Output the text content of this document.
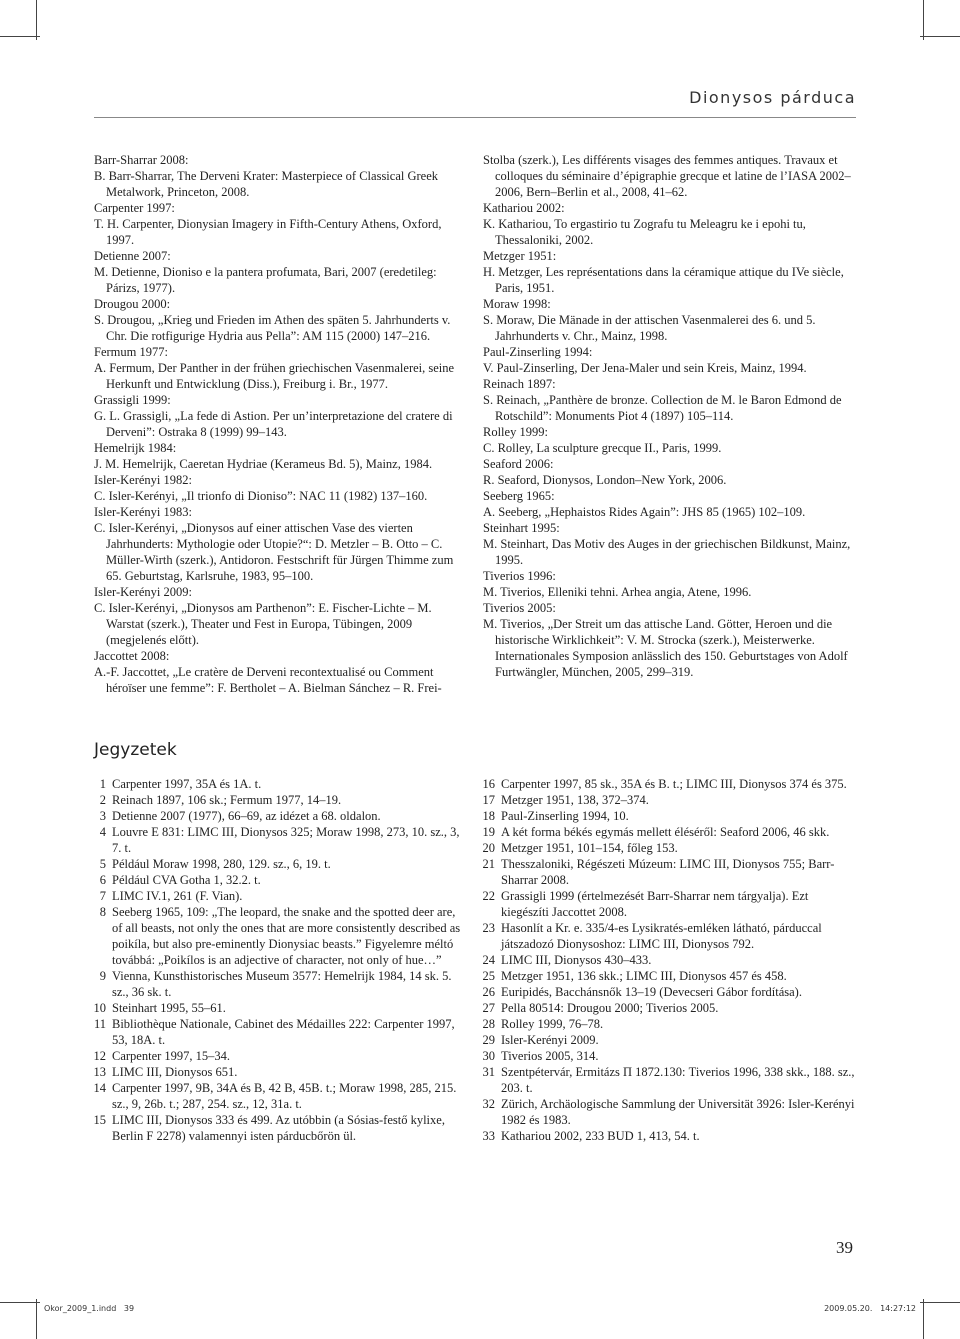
Dionysos párduca

Barr-Sharrar 2008:

B. Barr-Sharrar, The Derveni Krater: Masterpiece of Classical Greek Metalwork, Princeton, 2008.

Carpenter 1997:

T. H. Carpenter, Dionysian Imagery in Fifth-Century Athens, Oxford, 1997.

Detienne 2007:

M. Detienne, Dioniso e la pantera profumata, Bari, 2007 (eredetileg: Párizs, 1977).

Drougou 2000:

S. Drougou, „Krieg und Frieden im Athen des späten 5. Jahrhunderts v. Chr. Die rotfigurige Hydria aus Pella”: AM 115 (2000) 147–216.

Fermum 1977:

A. Fermum, Der Panther in der frühen griechischen Vasenmalerei, seine Herkunft und Entwicklung (Diss.), Freiburg i. Br., 1977.

Grassigli 1999:

G. L. Grassigli, „La fede di Astion. Per un’interpretazione del cratere di Derveni”: Ostraka 8 (1999) 99–143.

Hemelrijk 1984:

J. M. Hemelrijk, Caeretan Hydriae (Kerameus Bd. 5), Mainz, 1984.

Isler-Kerényi 1982:

C. Isler-Kerényi, „Il trionfo di Dioniso”: NAC 11 (1982) 137–160.

Isler-Kerényi 1983:

C. Isler-Kerényi, „Dionysos auf einer attischen Vase des vierten Jahrhunderts: Mythologie oder Utopie?“: D. Metzler – B. Otto – C. Müller-Wirth (szerk.), Antidoron. Festschrift für Jürgen Thimme zum 65. Geburtstag, Karlsruhe, 1983, 95–100.

Isler-Kerényi 2009:

C. Isler-Kerényi, „Dionysos am Parthenon”: E. Fischer-Lichte – M. Warstat (szerk.), Theater und Fest in Europa, Tübingen, 2009 (megjelenés előtt).

Jaccottet 2008:

A.-F. Jaccottet, „Le cratère de Derveni recontextualisé ou Comment héroïser une femme”: F. Bertholet – A. Bielman Sánchez – R. Frei-

Stolba (szerk.), Les différents visages des femmes antiques. Travaux et colloques du séminaire d’épigraphie grecque et latine de l’IASA 2002–2006, Bern–Berlin et al., 2008, 41–62.

Kathariou 2002:

K. Kathariou, To ergastirio tu Zografu tu Meleagru ke i epohi tu, Thessaloniki, 2002.

Metzger 1951:

H. Metzger, Les représentations dans la céramique attique du IVe siècle, Paris, 1951.

Moraw 1998:

S. Moraw, Die Mänade in der attischen Vasenmalerei des 6. und 5. Jahrhunderts v. Chr., Mainz, 1998.

Paul-Zinserling 1994:

V. Paul-Zinserling, Der Jena-Maler und sein Kreis, Mainz, 1994.

Reinach 1897:

S. Reinach, „Panthère de bronze. Collection de M. le Baron Edmond de Rotschild”: Monuments Piot 4 (1897) 105–114.

Rolley 1999:

C. Rolley, La sculpture grecque II., Paris, 1999.

Seaford 2006:

R. Seaford, Dionysos, London–New York, 2006.

Seeberg 1965:

A. Seeberg, „Hephaistos Rides Again”: JHS 85 (1965) 102–109.

Steinhart 1995:

M. Steinhart, Das Motiv des Auges in der griechischen Bildkunst, Mainz, 1995.

Tiverios 1996:

M. Tiverios, Elleniki tehni. Arhea angia, Atene, 1996.

Tiverios 2005:

M. Tiverios, „Der Streit um das attische Land. Götter, Heroen und die historische Wirklichkeit”: V. M. Strocka (szerk.), Meisterwerke. Internationales Symposion anlässlich des 150. Geburtstages von Adolf Furtwängler, München, 2005, 299–319.

Jegyzetek
1 Carpenter 1997, 35A és 1A. t.
2 Reinach 1897, 106 sk.; Fermum 1977, 14–19.
3 Detienne 2007 (1977), 66–69, az idézet a 68. oldalon.
4 Louvre E 831: LIMC III, Dionysos 325; Moraw 1998, 273, 10. sz., 3, 7. t.
5 Például Moraw 1998, 280, 129. sz., 6, 19. t.
6 Például CVA Gotha 1, 32.2. t.
7 LIMC IV.1, 261 (F. Vian).
8 Seeberg 1965, 109: „The leopard, the snake and the spotted deer are, of all beasts, not only the ones that are more consistently described as poikíla, but also pre-eminently Dionysiac beasts.” Figyelemre méltó továbbá: „Poikílos is an adjective of character, not only of hue…”
9 Vienna, Kunsthistorisches Museum 3577: Hemelrijk 1984, 14 sk. 5. sz., 36 sk. t.
10 Steinhart 1995, 55–61.
11 Bibliothèque Nationale, Cabinet des Médailles 222: Carpenter 1997, 53, 18A. t.
12 Carpenter 1997, 15–34.
13 LIMC III, Dionysos 651.
14 Carpenter 1997, 9B, 34A és B, 42 B, 45B. t.; Moraw 1998, 285, 215. sz., 9, 26b. t.; 287, 254. sz., 12, 31a. t.
15 LIMC III, Dionysos 333 és 499. Az utóbbin (a Sósias-festő kylixe, Berlin F 2278) valamennyi isten párducbőrön ül.
16 Carpenter 1997, 85 sk., 35A és B. t.; LIMC III, Dionysos 374 és 375.
17 Metzger 1951, 138, 372–374.
18 Paul-Zinserling 1994, 10.
19 A két forma békés egymás mellett éléséről: Seaford 2006, 46 skk.
20 Metzger 1951, 101–154, főleg 153.
21 Thesszaloniki, Régészeti Múzeum: LIMC III, Dionysos 755; Barr-Sharrar 2008.
22 Grassigli 1999 (értelmezését Barr-Sharrar nem tárgyalja). Ezt kiegészíti Jaccottet 2008.
23 Hasonlít a Kr. e. 335/4-es Lysikratés-emléken látható, párduccal játszadozó Dionysoshoz: LIMC III, Dionysos 792.
24 LIMC III, Dionysos 430–433.
25 Metzger 1951, 136 skk.; LIMC III, Dionysos 457 és 458.
26 Euripidés, Bacchánsnők 13–19 (Devecseri Gábor fordítása).
27 Pella 80514: Drougou 2000; Tiverios 2005.
28 Rolley 1999, 76–78.
29 Isler-Kerényi 2009.
30 Tiverios 2005, 314.
31 Szentpétervár, Ermitázs Π 1872.130: Tiverios 1996, 338 skk., 188. sz., 203. t.
32 Zürich, Archäologische Sammlung der Universität 3926: Isler-Kerényi 1982 és 1983.
33 Kathariou 2002, 233 BUD 1, 413, 54. t.
39
Okor_2009_1.indd   39	2009.05.20.   14:27:12
